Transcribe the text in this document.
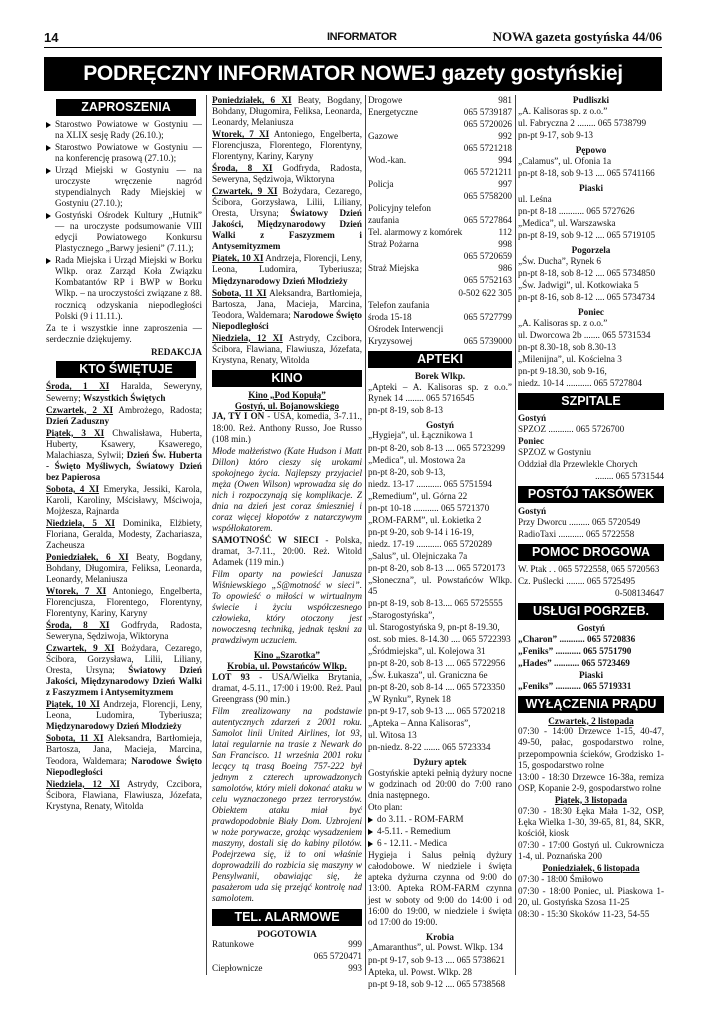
14	INFORMATOR	NOWA gazeta gostyńska 44/06
PODRĘCZNY INFORMATOR NOWEJ gazety gostyńskiej
ZAPROSZENIA
Starostwo Powiatowe w Gostyniu — na XLIX sesję Rady (26.10.);
Starostwo Powiatowe w Gostyniu — na konferencję prasową (27.10.);
Urząd Miejski w Gostyniu — na uroczyste wręczenie nagród stypendialnych Rady Miejskiej w Gostyniu (27.10.);
Gostyński Ośrodek Kultury „Hutnik” — na uroczyste podsumowanie VIII edycji Powiatowego Konkursu Plastycznego „Barwy jesieni” (7.11.);
Rada Miejska i Urząd Miejski w Borku Wlkp. oraz Zarząd Koła Związku Kombatantów RP i BWP w Borku Wlkp. – na uroczystości związane z 88. rocznicą odzyskania niepodległości Polski (9 i 11.11.).
Za te i wszystkie inne zaproszenia — serdecznie dziękujemy.
REDAKCJA
KTO ŚWIĘTUJE
Środa, 1 XI Haralda, Seweryny, Sewerny; Wszystkich Świętych
Czwartek, 2 XI Ambrożego, Radosta; Dzień Zaduszny
Piątek, 3 XI Chwalisława, Huberta, Huberty, Ksawery, Ksawerego, Malachiasza, Sylwii; Dzień Św. Huberta - Święto Myśliwych, Światowy Dzień bez Papierosa
Sobota, 4 XI Emeryka, Jessiki, Karola, Karoli, Karoliny, Mścisławy, Mściwoja, Mojżesza, Rajnarda
Niedziela, 5 XI Dominika, Elżbiety, Floriana, Geralda, Modesty, Zachariasza, Zacheusza
Poniedziałek, 6 XI Beaty, Bogdany, Bohdany, Długomira, Feliksa, Leonarda, Leonardy, Melaniusza
Wtorek, 7 XI Antoniego, Engelberta, Florencjusza, Florentego, Florentyny, Florentyny, Kariny, Karyny
Środa, 8 XI Godfryda, Radosta, Seweryna, Sędziwoja, Wiktoryna
Czwartek, 9 XI Bożydara, Cezarego, Ścibora, Gorzysława, Lilii, Liliany, Oresta, Ursyna; Światowy Dzień Jakości, Międzynarodowy Dzień Walki z Faszyzmem i Antysemityzmem
Piątek, 10 XI Andrzeja, Florencji, Leny, Leona, Ludomira, Tyberiusza; Międzynarodowy Dzień Młodzieży
Sobota, 11 XI Aleksandra, Bartłomieja, Bartosza, Jana, Macieja, Marcina, Teodora, Waldemara; Narodowe Święto Niepodległości
Niedziela, 12 XI Astrydy, Czcibora, Ściborа, Flawiana, Flawiusza, Józefata, Krystyna, Renaty, Witolda
Poniedziałek, 6 XI Beaty, Bogdany, Bohdany, Długomira, Feliksa, Leonarda, Leonardy, Melaniusza
Wtorek, 7 XI Antoniego, Engelberta, Florencjusza, Florentego, Florentyny, Florentyny, Kariny, Karyny
Środa, 8 XI Godfryda, Radosta, Seweryna, Sędziwoja, Wiktoryna
Czwartek, 9 XI Bożydara, Cezarego, Ścibora, Gorzysława, Lilii, Liliany, Oresta, Ursyna; Światowy Dzień Jakości, Międzynarodowy Dzień Walki z Faszyzmem i Antysemityzmem
Piątek, 10 XI Andrzeja, Florencji, Leny, Leona, Ludomira, Tyberiusza; Międzynarodowy Dzień Młodzieży
Sobota, 11 XI Aleksandra, Bartłomieja, Bartosza, Jana, Macieja, Marcina, Teodora, Waldemara; Narodowe Święto Niepodległości
Niedziela, 12 XI Astrydy, Czcibora, Ściborа, Flawiana, Flawiusza, Józefata, Krystyna, Renaty, Witolda
KINO
Kino „Pod Kopułą”
Gostyń, ul. Bojanowskiego
JA, TY I ON - USA, komedia, 3-7.11., 18:00. Reż. Anthony Russo, Joe Russo (108 min.)
Młode małżeństwo (Kate Hudson i Matt Dillon) któro cieszy się urokami spokojnego życia. Najlepszy przyjaciel męża (Owen Wilson) wprowadza się do nich i rozpoczynają się komplikacje. Z dnia na dzień jest coraz śmieszniej i coraz więcej kłopotów z natarczywym współlokatorem.
SAMOTNOŚĆ W SIECI - Polska, dramat, 3-7.11., 20:00. Reż. Witold Adamek (119 min.)
Film oparty na powieści Janusza Wiśniewskiego „S@motność w sieci”. To opowieść o miłości w wirtualnym świecie i życiu współczesnego człowieka, który otoczony jest nowoczesną techniką, jednak tęskni za prawdziwym uczuciem.
Kino „Szarotka”
Krobia, ul. Powstańców Wlkp.
LOT 93 - USA/Wielka Brytania, dramat, 4-5.11., 17:00 i 19:00. Reż. Paul Greengrass (90 min.)
Film zrealizowany na podstawie autentycznych zdarzeń z 2001 roku. Samolot linii United Airlines, lot 93, lataі regularnie na trasie z Newark do San Francisco. 11 września 2001 roku lecący tą trasą Boeing 757-222 był jednym z czterech uprowadzonych samolotów, który mieli dokonać ataku w celu wyznaczonego przez terrorystów. Obiektem ataku miał być prawdopodobnie Biały Dom. Uzbrojeni w noże porywacze, grożąc wysadzeniem maszyny, dostali się do kabiny pilotów. Podejrzewa się, iż to oni właśnie doprowadzili do rozbicia się maszyny w Pensylwanii, obawiając się, że pasażerom uda się przejąć kontrolę nad samolotem.
TEL. ALARMOWE
POGOTOWIA
Ratunkowe	999
065 5720471
Ciepłownicze	993
Drogowe	981
Energetyczne	065 5739187
065 5720026
Gazowe	992
065 5721218
Wod.-kan.	994
065 5721211
Policja	997
065 5758200
Policyjny telefon
zaufania	065 5727864
Tel. alarmowy z komórek	112
Straż Pożarna	998
065 5720659
Straż Miejska	986
065 5752163
0-502 622 305
Telefon zaufania
środa 15-18	065 5727799
Ośrodek Interwencji
Kryzysowej	065 5739000
APTEKI
Borek Wlkp.
„Apteki – A. Kalisoras sp. z o.o.” Rynek 14 ........ 065 5716545
pn-pt 8-19, sob 8-13
Gostyń
„Hygieja”, ul. Łącznikowa 1
pn-pt 8-20, sob 8-13 .... 065 5723299
„Medica”, ul. Mostowa 2a
pn-pt 8-20, sob 9-13,
niedz. 13-17 ........... 065 5751594
„Remedium”, ul. Górna 22
pn-pt 10-18 ........... 065 5721370
„ROM-FARM”, ul. Łokietka 2
pn-pt 9-20, sob 9-14 i 16-19,
niedz. 17-19 ........... 065 5720289
„Salus”, ul. Olejniczaka 7a
pn-pt 8-20, sob 8-13 .... 065 5720173
„Słoneczna”, ul. Powstańców Wlkp. 45
pn-pt 8-19, sob 8-13.... 065 5725555
„Starogostyńska”,
ul. Starogostyńska 9, pn-pt 8-19.30,
ost. sob mies. 8-14.30 .... 065 5722393
„Śródmiejska”, ul. Kolejowa 31
pn-pt 8-20, sob 8-13 .... 065 5722956
„Św. Łukasza”, ul. Graniczna 6e
pn-pt 8-20, sob 8-14 .... 065 5723350
„W Rynku”, Rynek 18
pn-pt 9-17, sob 9-13 .... 065 5720218
„Apteka – Anna Kalisoras”,
ul. Witosa 13
pn-niedz. 8-22 ....... 065 5723334
Dyżury aptek
Gostyńskie apteki pełnią dyżury nocne w godzinach od 20:00 do 7:00 rano dnia następnego.
Oto plan:
do 3.11. - ROM-FARM
4-5.11. - Remedium
6 - 12.11. - Medica
Hygieja i Salus pełnią dyżury całodobowe. W niedziele i święta apteka dyżurna czynna od 9:00 do 13:00. Apteka ROM-FARM czynna jest w soboty od 9:00 do 14:00 i od 16:00 do 19:00, w niedziele i święta od 17:00 do 19:00.
Krobia
„Amaranthus”, ul. Powst. Wlkp. 134
pn-pt 9-17, sob 9-13 .... 065 5738621
Apteka, ul. Powst. Wlkp. 28
pn-pt 9-18, sob 9-12 .... 065 5738568
Pudliszki
„A. Kalisoras sp. z o.o.”
ul. Fabryczna 2 ........ 065 5738799
pn-pt 9-17, sob 9-13
Pępowo
„Calamus”, ul. Ofonia 1a
pn-pt 8-18, sob 9-13 .... 065 5741166
Piaski
ul. Leśna
pn-pt 8-18 ........... 065 5727626
„Medica”, ul. Warszawska
pn-pt 8-19, sob 9-12 .... 065 5719105
Pogorzela
„Św. Ducha”, Rynek 6
pn-pt 8-18, sob 8-12 .... 065 5734850
„Św. Jadwigi”, ul. Kotkowiaka 5
pn-pt 8-16, sob 8-12 .... 065 5734734
Poniec
„A. Kalisoras sp. z o.o.”
ul. Dworcowa 2b ....... 065 5731534
pn-pt 8.30-18, sob 8.30-13
„Milenijna”, ul. Kościelna 3
pn-pt 9-18.30, sob 9-16,
niedz. 10-14 ........... 065 5727804
SZPITALE
Gostyń
SPZOZ ........... 065 5726700
Poniec
SPZOZ w Gostyniu
Oddział dla Przewlekle Chorych
........ 065 5731544
POSTÓJ TAKSÓWEK
Gostyń
Przy Dworcu ......... 065 5720549
RadioTaxi ........... 065 5722558
POMOC DROGOWA
W. Ptak . . 065 5722558, 065 5720563
Cz. Puślecki ........ 065 5725495
0-508134647
USŁUGI POGRZEB.
Gostyń
„Charon” ........... 065 5720836
„Feniks” ........... 065 5751790
„Hades” ........... 065 5723469
Piaski
„Feniks” ........... 065 5719331
WYŁĄCZENIA PRĄDU
Czwartek, 2 listopada
07:30 - 14:00 Drzewce 1-15, 40-47, 49-50, pałac, gospodarstwo rolne, przepompownia ścieków, Grodzisko 1-15, gospodarstwo rolne
13:00 - 18:30 Drzewce 16-38a, remiza OSP, Kopanie 2-9, gospodarstwo rolne
Piątek, 3 listopada
07:30 - 18:30 Łęka Mała 1-32, OSP, Łęka Wielka 1-30, 39-65, 81, 84, SKR, kościół, kiosk
07:30 - 17:00 Gostyń ul. Cukrownicza 1-4, ul. Poznańska 200
Poniedziałek, 6 listopada
07:30 - 18:00 Śmiłowo
07:30 - 18:00 Poniec, ul. Piaskowa 1-20, ul. Gostyńska Szosa 11-25
08:30 - 15:30 Skoków 11-23, 54-55
